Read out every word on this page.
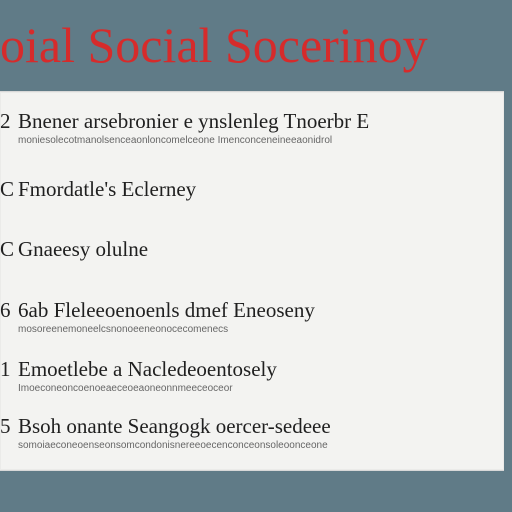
oial Social Socerinoy
2 Bnener arsebronier e ynslenleg Tnoerbr E
moniesolecotmanolsenceaonloncomelceone Imenconceneineeaonidrol
C Fmordatle's Eclerney
C Gnaeesy olulne
6 6ab Fleleeoenoenls dmef Eneoseny
mosoreenemoneelcsnonoeeneonocecomenecs
1 Emoetlebe a Nacledeoentosely
Imoeconeoncoenoeaeceoeaoneonnmeeceoceor
5 Bsoh onante Seangogk oercer-sedeee
somoiaeconeoenseonsomcondonisnereeoecenconceonsoleoonceone
